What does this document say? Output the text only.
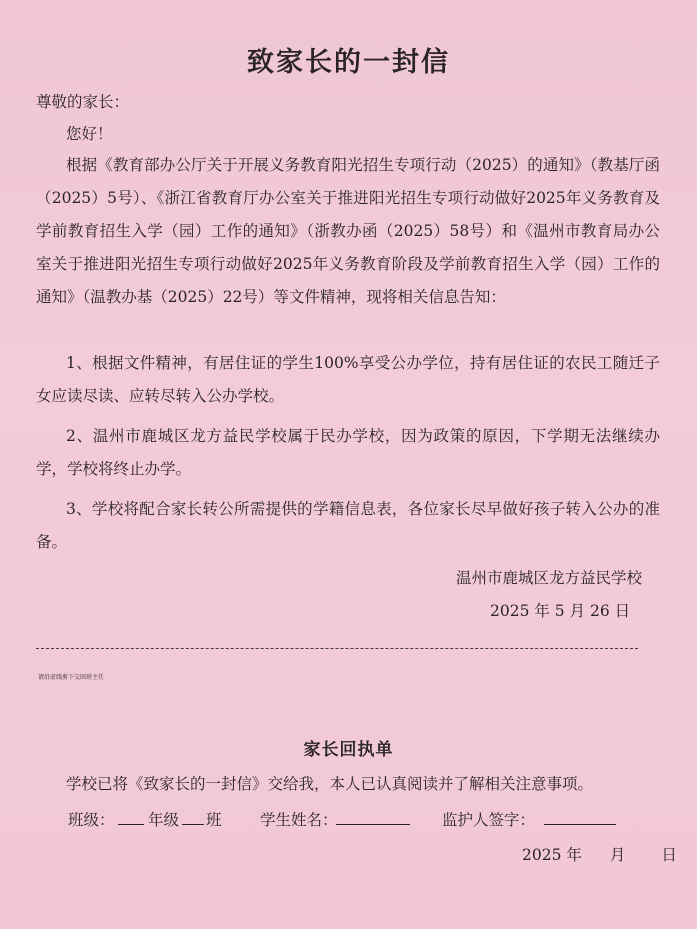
致家长的一封信
尊敬的家长：
您好！
根据《教育部办公厅关于开展义务教育阳光招生专项行动（2025）的通知》（教基厅函（2025）5号）、《浙江省教育厅办公室关于推进阳光招生专项行动做好2025年义务教育及学前教育招生入学（园）工作的通知》（浙教办函（2025）58号）和《温州市教育局办公室关于推进阳光招生专项行动做好2025年义务教育阶段及学前教育招生入学（园）工作的通知》（温教办基（2025）22号）等文件精神，现将相关信息告知：
1、根据文件精神，有居住证的学生100%享受公办学位，持有居住证的农民工随迁子女应读尽读、应转尽转入公办学校。
2、温州市鹿城区龙方益民学校属于民办学校，因为政策的原因，下学期无法继续办学，学校将终止办学。
3、学校将配合家长转公所需提供的学籍信息表，各位家长尽早做好孩子转入公办的准备。
温州市鹿城区龙方益民学校
2025 年 5 月 26 日
请沿虚线剪下交回班主任
家长回执单
学校已将《致家长的一封信》交给我，本人已认真阅读并了解相关注意事项。
班级： 年级 班 学生姓名：	监护人签字：
2025 年 月 日
